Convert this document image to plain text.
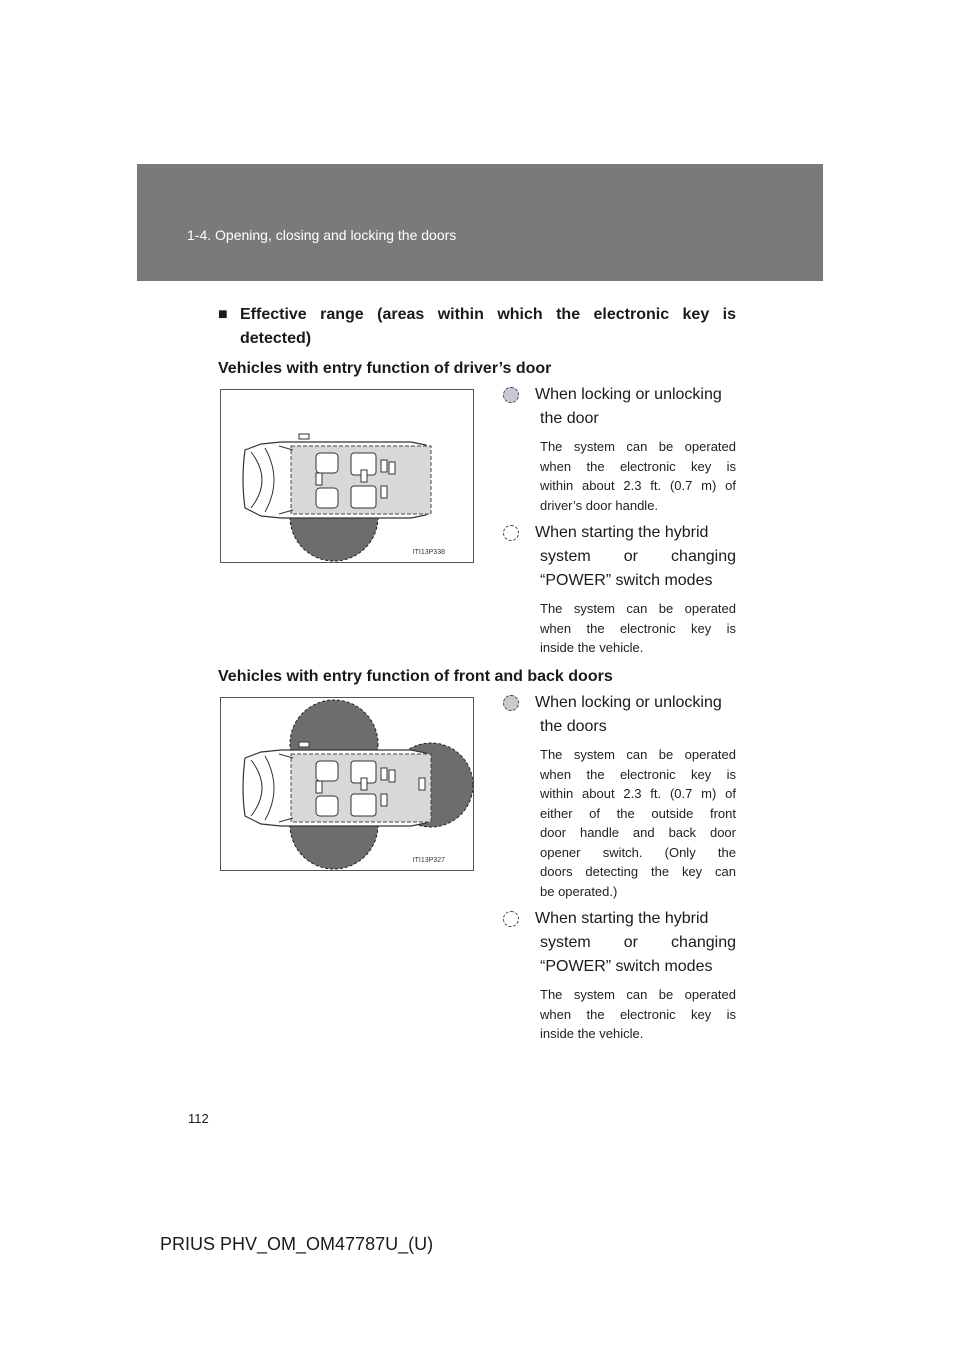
1-4. Opening, closing and locking the doors
■ Effective range (areas within which the electronic key is
detected)
Vehicles with entry function of driver’s door
ITI13P338
When locking or unlocking
the door
The system can be operated
when the electronic key is
within about 2.3 ft. (0.7 m) of
driver’s door handle.
When starting the hybrid
system or changing
“POWER” switch modes
The system can be operated
when the electronic key is
inside the vehicle.
Vehicles with entry function of front and back doors
ITI13P327
When locking or unlocking
the doors
The system can be operated
when the electronic key is
within about 2.3 ft. (0.7 m) of
either of the outside front
door handle and back door
opener switch. (Only the
doors detecting the key can
be operated.)
When starting the hybrid
system or changing
“POWER” switch modes
The system can be operated
when the electronic key is
inside the vehicle.
112
PRIUS PHV_OM_OM47787U_(U)
